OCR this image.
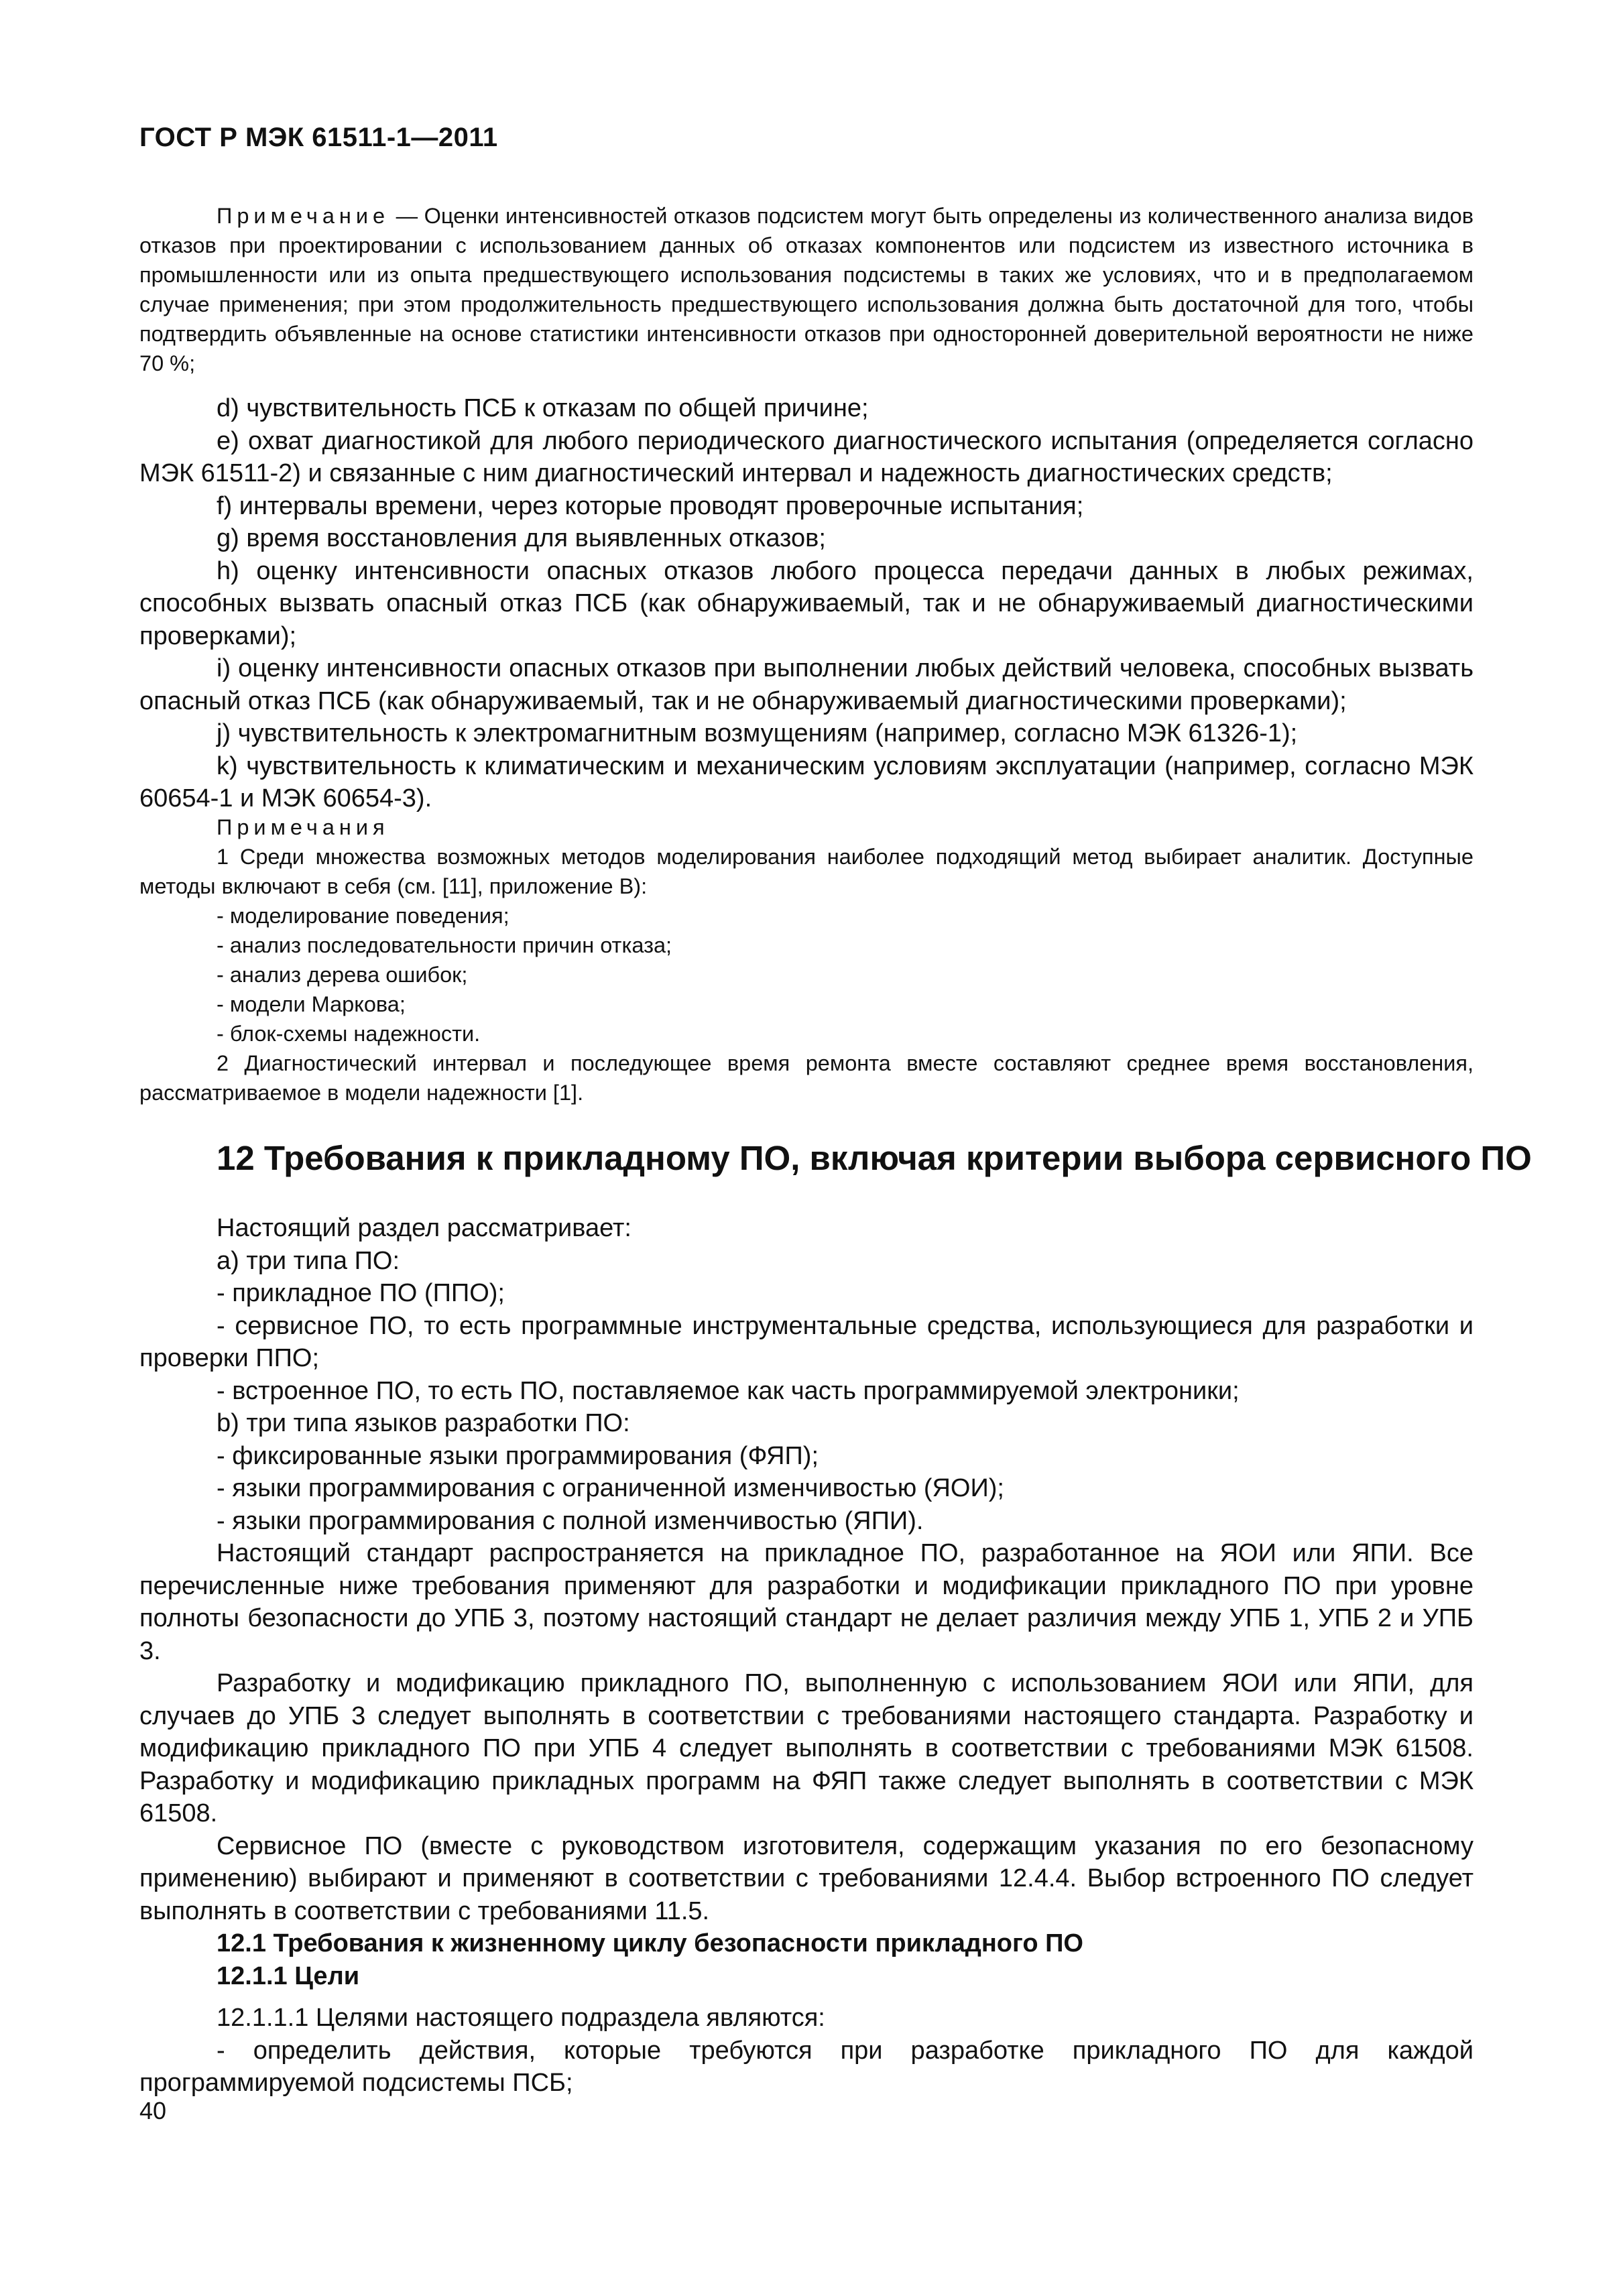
ГОСТ Р МЭК 61511-1—2011

Примечание — Оценки интенсивностей отказов подсистем могут быть определены из количественного анализа видов отказов при проектировании с использованием данных об отказах компонентов или подсистем из известного источника в промышленности или из опыта предшествующего использования подсистемы в таких же условиях, что и в предполагаемом случае применения; при этом продолжительность предшествующего использования должна быть достаточной для того, чтобы подтвердить объявленные на основе статистики интенсивности отказов при односторонней доверительной вероятности не ниже 70 %;

d) чувствительность ПСБ к отказам по общей причине;

е) охват диагностикой для любого периодического диагностического испытания (определяется согласно МЭК 61511-2) и связанные с ним диагностический интервал и надежность диагностических средств;

f) интервалы времени, через которые проводят проверочные испытания;

g) время восстановления для выявленных отказов;

h) оценку интенсивности опасных отказов любого процесса передачи данных в любых режимах, способных вызвать опасный отказ ПСБ (как обнаруживаемый, так и не обнаруживаемый диагностическими проверками);

i) оценку интенсивности опасных отказов при выполнении любых действий человека, способных вызвать опасный отказ ПСБ (как обнаруживаемый, так и не обнаруживаемый диагностическими проверками);

j) чувствительность к электромагнитным возмущениям (например, согласно МЭК 61326-1);

k) чувствительность к климатическим и механическим условиям эксплуатации (например, согласно МЭК 60654-1 и МЭК 60654-3).

Примечания

1 Среди множества возможных методов моделирования наиболее подходящий метод выбирает аналитик. Доступные методы включают в себя (см. [11], приложение В):

- моделирование поведения;

- анализ последовательности причин отказа;

- анализ дерева ошибок;

- модели Маркова;

- блок-схемы надежности.

2 Диагностический интервал и последующее время ремонта вместе составляют среднее время восстановления, рассматриваемое в модели надежности [1].

12 Требования к прикладному ПО, включая критерии выбора сервисного ПО

Настоящий раздел рассматривает:

а) три типа ПО:

- прикладное ПО (ППО);

- сервисное ПО, то есть программные инструментальные средства, использующиеся для разработки и проверки ППО;

- встроенное ПО, то есть ПО, поставляемое как часть программируемой электроники;

b) три типа языков разработки ПО:

- фиксированные языки программирования (ФЯП);

- языки программирования с ограниченной изменчивостью (ЯОИ);

- языки программирования с полной изменчивостью (ЯПИ).

Настоящий стандарт распространяется на прикладное ПО, разработанное на ЯОИ или ЯПИ. Все перечисленные ниже требования применяют для разработки и модификации прикладного ПО при уровне полноты безопасности до УПБ 3, поэтому настоящий стандарт не делает различия между УПБ 1, УПБ 2 и УПБ 3.

Разработку и модификацию прикладного ПО, выполненную с использованием ЯОИ или ЯПИ, для случаев до УПБ 3 следует выполнять в соответствии с требованиями настоящего стандарта. Разработку и модификацию прикладного ПО при УПБ 4 следует выполнять в соответствии с требованиями МЭК 61508. Разработку и модификацию прикладных программ на ФЯП также следует выполнять в соответствии с МЭК 61508.

Сервисное ПО (вместе с руководством изготовителя, содержащим указания по его безопасному применению) выбирают и применяют в соответствии с требованиями 12.4.4. Выбор встроенного ПО следует выполнять в соответствии с требованиями 11.5.

12.1 Требования к жизненному циклу безопасности прикладного ПО

12.1.1 Цели

12.1.1.1 Целями настоящего подраздела являются:

- определить действия, которые требуются при разработке прикладного ПО для каждой программируемой подсистемы ПСБ;

40
